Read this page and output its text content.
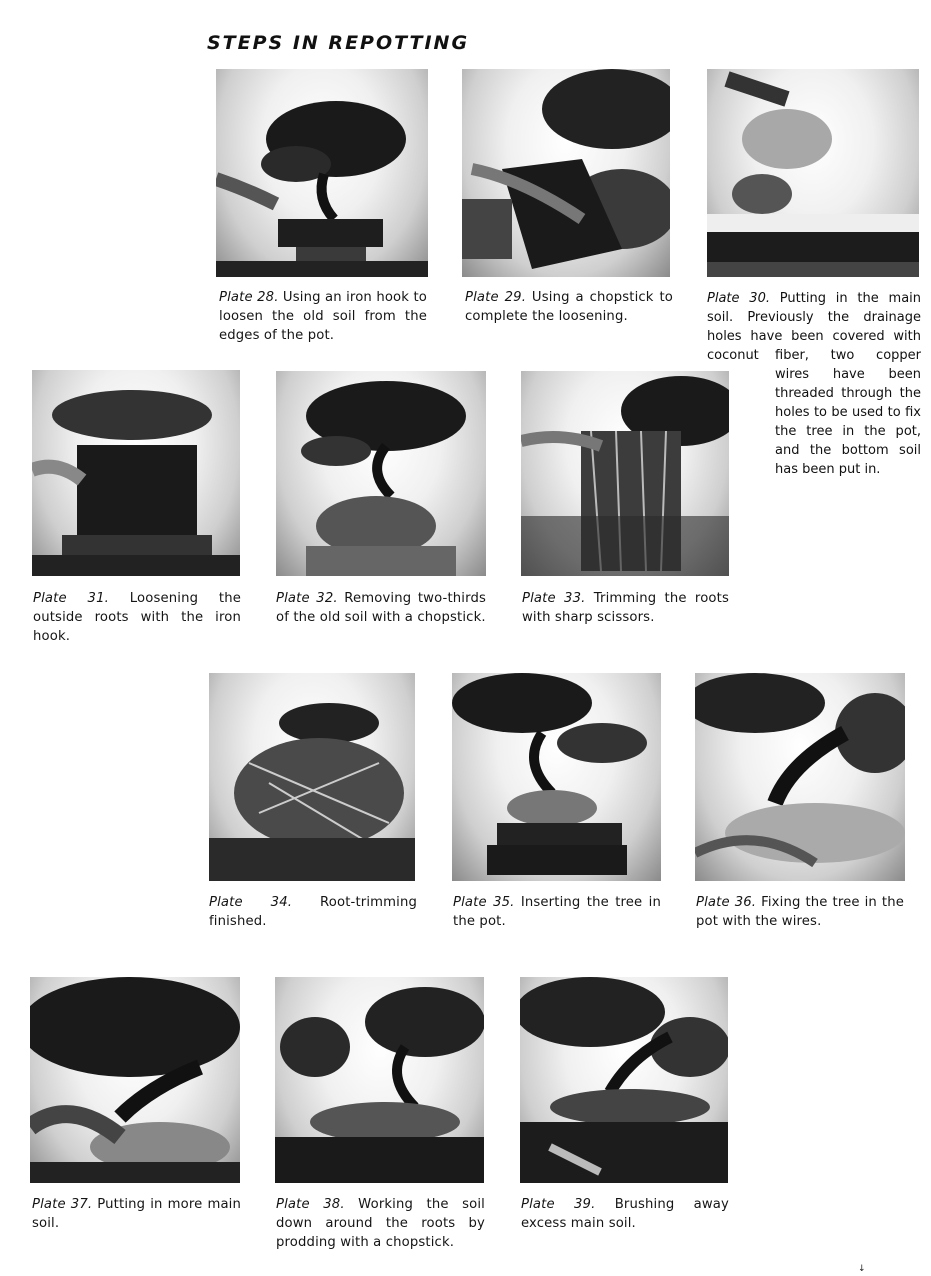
STEPS IN REPOTTING
Plate 28. Using an iron hook to loosen the old soil from the edges of the pot.
Plate 29. Using a chopstick to complete the loosening.
Plate 30. Putting in the main soil. Previously the drainage holes have been covered with coconut	fiber, two copper wires have been threaded through the holes to be used to fix the tree in the pot, and the bottom soil has been put in.
Plate 31. Loosening the outside roots with the iron hook.
Plate 32. Removing two-thirds of the old soil with a chopstick.
Plate 33. Trimming the roots with sharp scissors.
Plate 34. Root-trimming finished.
Plate 35. Inserting the tree in the pot.
Plate 36. Fixing the tree in the pot with the wires.
Plate 37. Putting in more main soil.
Plate 38. Working the soil down around the roots by prodding with a chopstick.
Plate 39. Brushing away excess main soil.
↓
